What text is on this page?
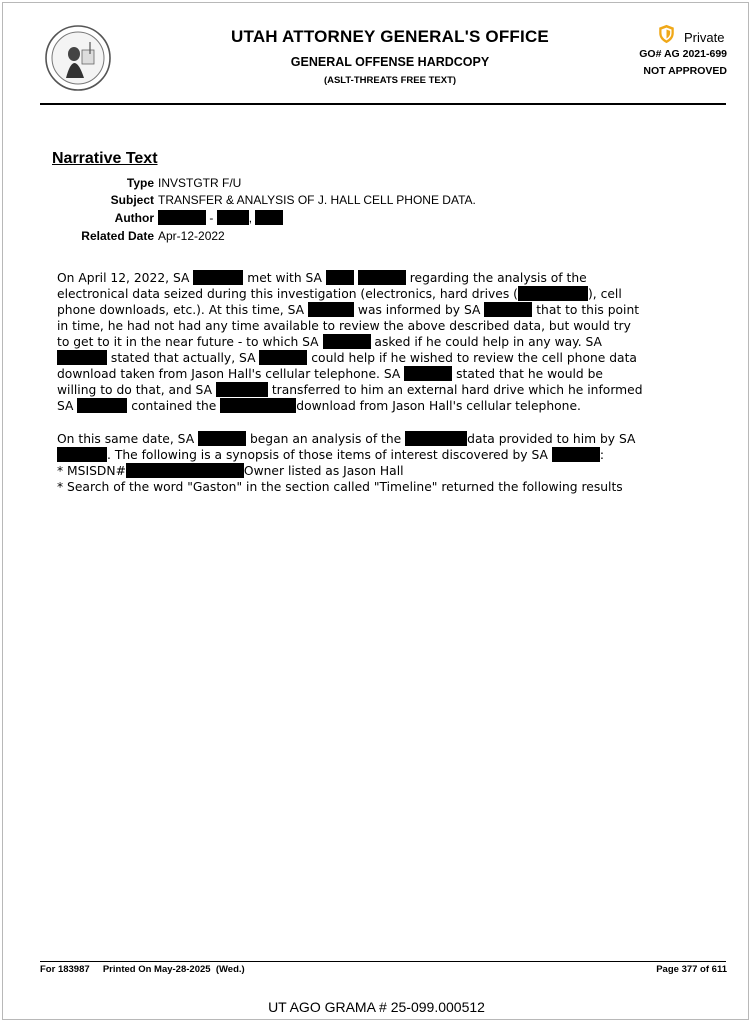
UTAH ATTORNEY GENERAL'S OFFICE
GENERAL OFFENSE HARDCOPY
(ASLT-THREATS FREE TEXT)
Private
GO# AG 2021-699
NOT APPROVED
Narrative Text
Type INVSTGTR F/U
Subject TRANSFER & ANALYSIS OF J. HALL CELL PHONE DATA.
Author	-	,
Related Date Apr-12-2022
On April 12, 2022, SA	met with SA	regarding the analysis of the
electronical data seized during this investigation (electronics, hard drives (	), cell
phone downloads, etc.). At this time, SA	was informed by SA	that to this point
in time, he had not had any time available to review the above described data, but would try
to get to it in the near future - to which SA	asked if he could help in any way. SA
stated that actually, SA	could help if he wished to review the cell phone data
download taken from Jason Hall's cellular telephone. SA	stated that he would be
willing to do that, and SA	transferred to him an external hard drive which he informed
SA	contained the	download from Jason Hall's cellular telephone.
On this same date, SA	began an analysis of the	data provided to him by SA
. The following is a synopsis of those items of interest discovered by SA	:
* MSISDN#	Owner listed as Jason Hall
* Search of the word "Gaston" in the section called "Timeline" returned the following results
For 183987     Printed On May-28-2025  (Wed.)	Page 377 of 611
UT AGO GRAMA # 25-099.000512
